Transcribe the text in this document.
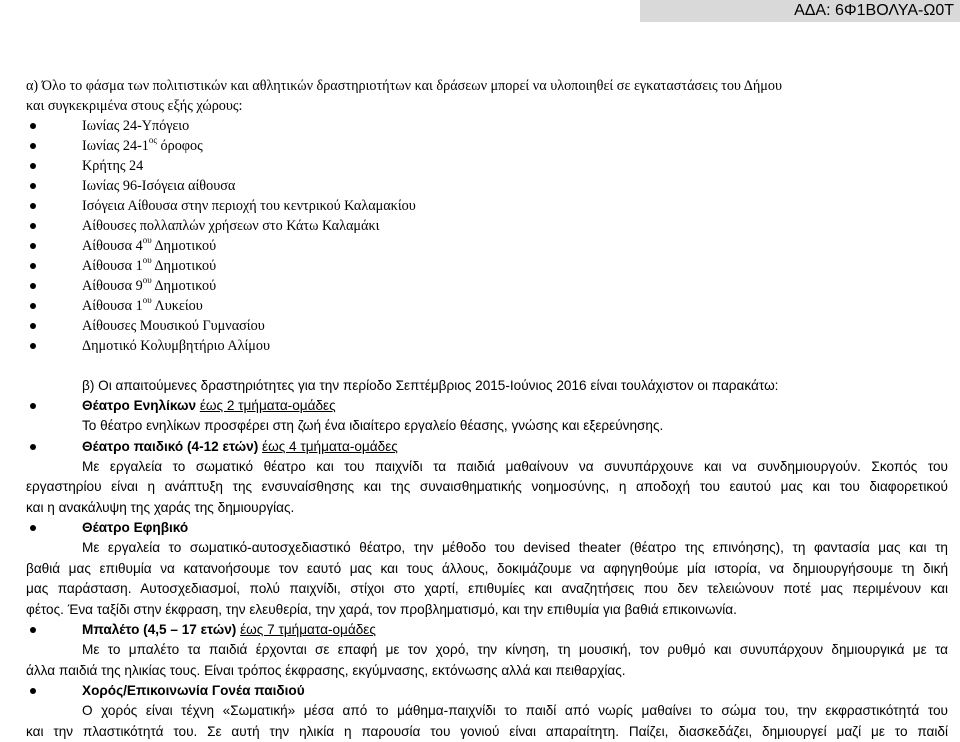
ΑΔΑ: 6Φ1ΒΟΛΥΑ-Ω0Τ
α) Όλο το φάσμα των πολιτιστικών και αθλητικών δραστηριοτήτων και δράσεων μπορεί να υλοποιηθεί σε εγκαταστάσεις του Δήμου
και συγκεκριμένα στους εξής χώρους:
Ιωνίας 24-Υπόγειο
Ιωνίας $24-1^{o\varsigma}$ όροφος
Κρήτης 24
Ιωνίας 96-Ισόγεια αίθουσα
Ισόγεια Αίθουσα στην περιοχή του κεντρικού Καλαμακίου
Αίθουσες πολλαπλών χρήσεων στο Κάτω Καλαμάκι
Αίθουσα $4^{o\upsilon}$ Δημοτικού
Αίθουσα $1^{o\upsilon}$ Δημοτικού
Αίθουσα $9^{o\upsilon}$ Δημοτικού
Αίθουσα $1^{o\upsilon}$ Λυκείου
Αίθουσες Μουσικού Γυμνασίου
Δημοτικό Κολυμβητήριο Αλίμου
β) Οι απαιτούμενες δραστηριότητες για την περίοδο Σεπτέμβριος 2015-Ιούνιος 2016 είναι τουλάχιστον οι παρακάτω:
Θέατρο Ενηλίκων έως 2 τμήματα-ομάδες
Το θέατρο ενηλίκων προσφέρει στη ζωή ένα ιδιαίτερο εργαλείο θέασης, γνώσης και εξερεύνησης.
Θέατρο παιδικό (4-12 ετών) έως 4 τμήματα-ομάδες
Με εργαλεία το σωματικό θέατρο και του παιχνίδι τα παιδιά μαθαίνουν να συνυπάρχουνε και να συνδημιουργούν. Σκοπός του
εργαστηρίου είναι η ανάπτυξη της ενσυναίσθησης και της συναισθηματικής νοημοσύνης, η αποδοχή του εαυτού μας και του διαφορετικού
και η ανακάλυψη της χαράς της δημιουργίας.
Θέατρο Εφηβικό
Με εργαλεία το σωματικό-αυτοσχεδιαστικό θέατρο, την μέθοδο του devised theater (θέατρο της επινόησης), τη φαντασία μας και τη
βαθιά μας επιθυμία να κατανοήσουμε τον εαυτό μας και τους άλλους, δοκιμάζουμε να αφηγηθούμε μία ιστορία, να δημιουργήσουμε τη δική
μας παράσταση. Αυτοσχεδιασμοί, πολύ παιχνίδι, στίχοι στο χαρτί, επιθυμίες και αναζητήσεις που δεν τελειώνουν ποτέ μας περιμένουν και
φέτος. Ένα ταξίδι στην έκφραση, την ελευθερία, την χαρά, τον προβληματισμό, και την επιθυμία για βαθιά επικοινωνία.
Μπαλέτο (4,5 – 17 ετών) έως 7 τμήματα-ομάδες
Με το μπαλέτο τα παιδιά έρχονται σε επαφή με τον χορό, την κίνηση, τη μουσική, τον ρυθμό και συνυπάρχουν δημιουργικά με τα
άλλα παιδιά της ηλικίας τους. Είναι τρόπος έκφρασης, εκγύμνασης, εκτόνωσης αλλά και πειθαρχίας.
Χορός/Επικοινωνία Γονέα παιδιού
Ο χορός είναι τέχνη «Σωματική» μέσα από το μάθημα-παιχνίδι το παιδί από νωρίς μαθαίνει το σώμα του, την εκφραστικότητά του
και την πλαστικότητά του. Σε αυτή την ηλικία η παρουσία του γονιού είναι απαραίτητη. Παίζει, διασκεδάζει, δημιουργεί μαζί με το παιδί
